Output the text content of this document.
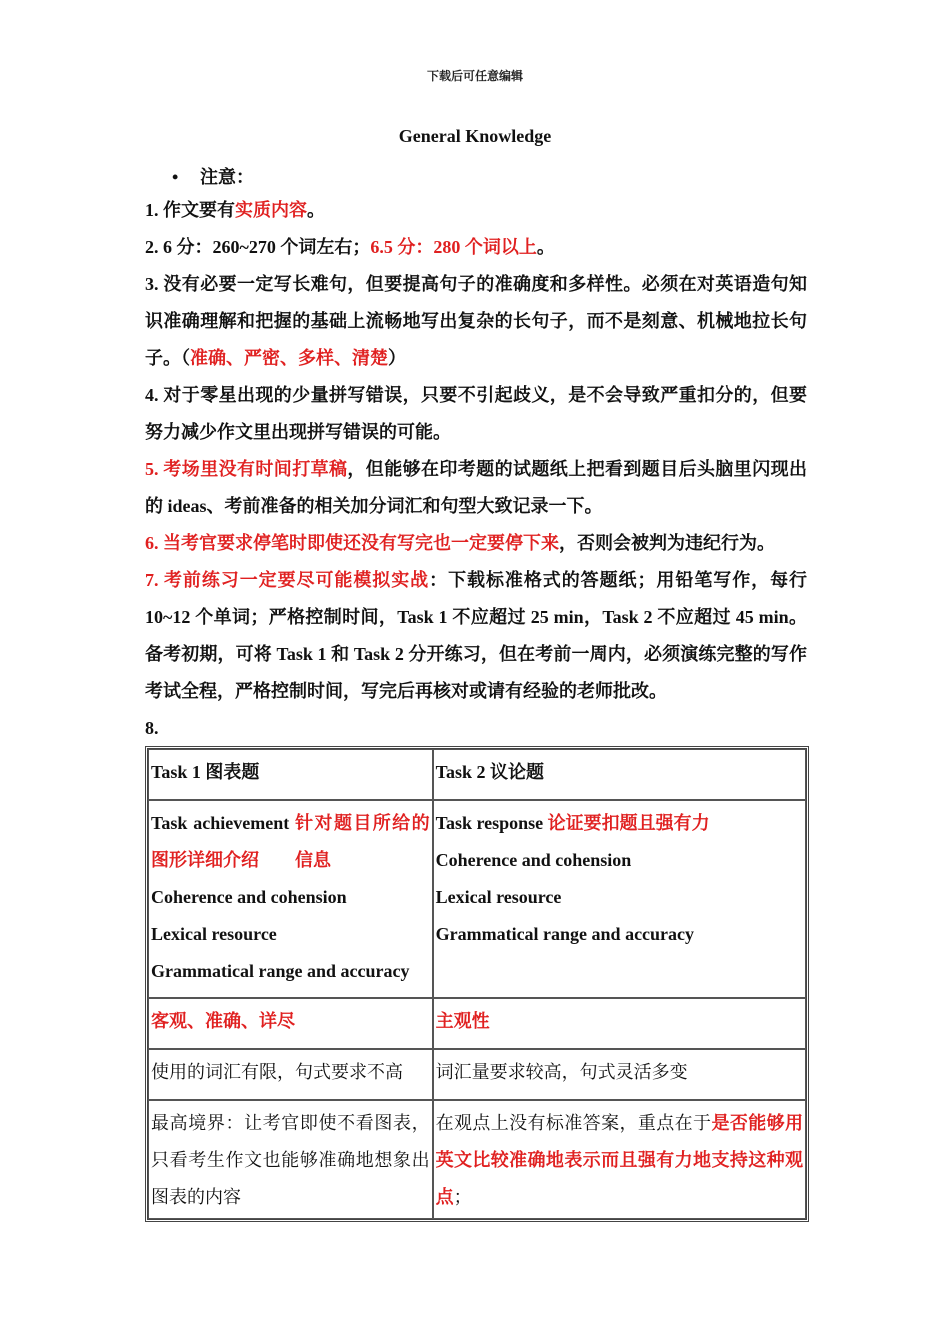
下载后可任意编辑
General Knowledge
• 注意：

1. 作文要有实质内容。

2. 6 分：260~270 个词左右；6.5 分：280 个词以上。

3. 没有必要一定写长难句，但要提高句子的准确度和多样性。必须在对英语造句知识准确理解和把握的基础上流畅地写出复杂的长句子，而不是刻意、机械地拉长句子。（准确、严密、多样、清楚）

4. 对于零星出现的少量拼写错误，只要不引起歧义，是不会导致严重扣分的，但要努力减少作文里出现拼写错误的可能。

5. 考场里没有时间打草稿，但能够在印考题的试题纸上把看到题目后头脑里闪现出的 ideas、考前准备的相关加分词汇和句型大致记录一下。

6. 当考官要求停笔时即使还没有写完也一定要停下来，否则会被判为违纪行为。

7. 考前练习一定要尽可能模拟实战：下载标准格式的答题纸；用铅笔写作，每行 10~12 个单词；严格控制时间，Task 1 不应超过 25 min，Task 2 不应超过 45 min。备考初期，可将 Task 1 和 Task 2 分开练习，但在考前一周内，必须演练完整的写作考试全程，严格控制时间，写完后再核对或请有经验的老师批改。

8.

Task 1 图表题	Task 2 议论题
Task achievement 针对题目所给的图形详细介绍　　信息
Coherence and cohension
Lexical resource
Grammatical range and accuracy	Task response 论证要扣题且强有力
Coherence and cohension
Lexical resource
Grammatical range and accuracy

客观、准确、详尽	主观性
使用的词汇有限，句式要求不高	词汇量要求较高，句式灵活多变
最高境界：让考官即使不看图表，只看考生作文也能够准确地想象出图表的内容	在观点上没有标准答案，重点在于是否能够用英文比较准确地表示而且强有力地支持这种观点；
